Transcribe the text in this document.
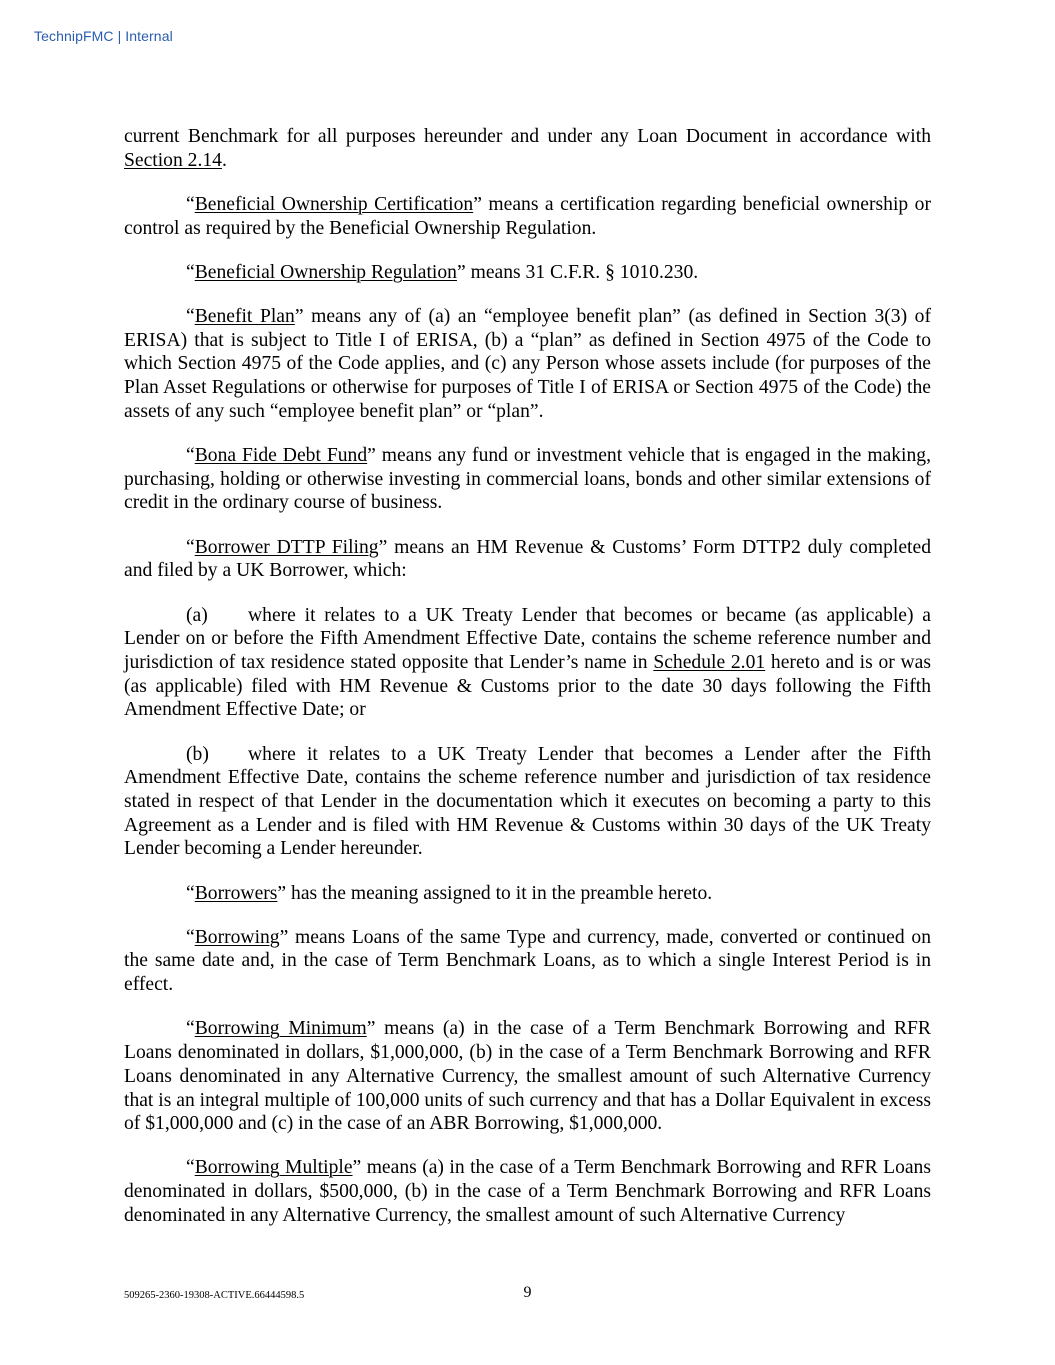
TechnipFMC | Internal

current Benchmark for all purposes hereunder and under any Loan Document in accordance with Section 2.14.

“Beneficial Ownership Certification” means a certification regarding beneficial ownership or control as required by the Beneficial Ownership Regulation.

“Beneficial Ownership Regulation” means 31 C.F.R. § 1010.230.

“Benefit Plan” means any of (a) an “employee benefit plan” (as defined in Section 3(3) of ERISA) that is subject to Title I of ERISA, (b) a “plan” as defined in Section 4975 of the Code to which Section 4975 of the Code applies, and (c) any Person whose assets include (for purposes of the Plan Asset Regulations or otherwise for purposes of Title I of ERISA or Section 4975 of the Code) the assets of any such “employee benefit plan” or “plan”.

“Bona Fide Debt Fund” means any fund or investment vehicle that is engaged in the making, purchasing, holding or otherwise investing in commercial loans, bonds and other similar extensions of credit in the ordinary course of business.

“Borrower DTTP Filing” means an HM Revenue & Customs’ Form DTTP2 duly completed and filed by a UK Borrower, which:

(a) where it relates to a UK Treaty Lender that becomes or became (as applicable) a Lender on or before the Fifth Amendment Effective Date, contains the scheme reference number and jurisdiction of tax residence stated opposite that Lender’s name in Schedule 2.01 hereto and is or was (as applicable) filed with HM Revenue & Customs prior to the date 30 days following the Fifth Amendment Effective Date; or

(b) where it relates to a UK Treaty Lender that becomes a Lender after the Fifth Amendment Effective Date, contains the scheme reference number and jurisdiction of tax residence stated in respect of that Lender in the documentation which it executes on becoming a party to this Agreement as a Lender and is filed with HM Revenue & Customs within 30 days of the UK Treaty Lender becoming a Lender hereunder.

“Borrowers” has the meaning assigned to it in the preamble hereto.

“Borrowing” means Loans of the same Type and currency, made, converted or continued on the same date and, in the case of Term Benchmark Loans, as to which a single Interest Period is in effect.

“Borrowing Minimum” means (a) in the case of a Term Benchmark Borrowing and RFR Loans denominated in dollars, $1,000,000, (b) in the case of a Term Benchmark Borrowing and RFR Loans denominated in any Alternative Currency, the smallest amount of such Alternative Currency that is an integral multiple of 100,000 units of such currency and that has a Dollar Equivalent in excess of $1,000,000 and (c) in the case of an ABR Borrowing, $1,000,000.

“Borrowing Multiple” means (a) in the case of a Term Benchmark Borrowing and RFR Loans denominated in dollars, $500,000, (b) in the case of a Term Benchmark Borrowing and RFR Loans denominated in any Alternative Currency, the smallest amount of such Alternative Currency

509265-2360-19308-ACTIVE.66444598.5	9
